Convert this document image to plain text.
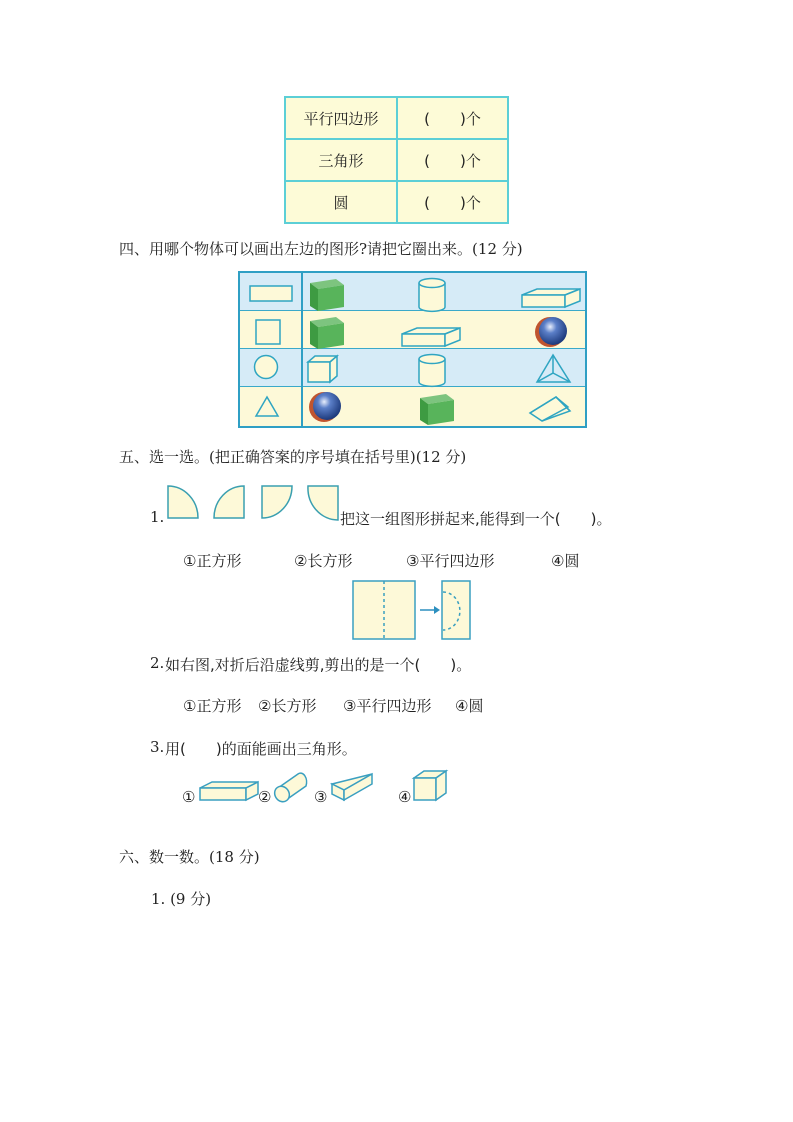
平行四边形	(　　)个
三角形	(　　)个
圆	(　　)个
四、用哪个物体可以画出左边的图形?请把它圈出来。(12 分)
五、选一选。(把正确答案的序号填在括号里)(12 分)
1.	把这一组图形拼起来,能得到一个(　　)。
①正方形	②长方形	③平行四边形	④圆
2. 如右图,对折后沿虚线剪,剪出的是一个(　　)。
①正方形 ②长方形 ③平行四边形 ④圆
3. 用(　　)的面能画出三角形。
①	②	③	④
六、数一数。(18 分)
1. (9 分)
